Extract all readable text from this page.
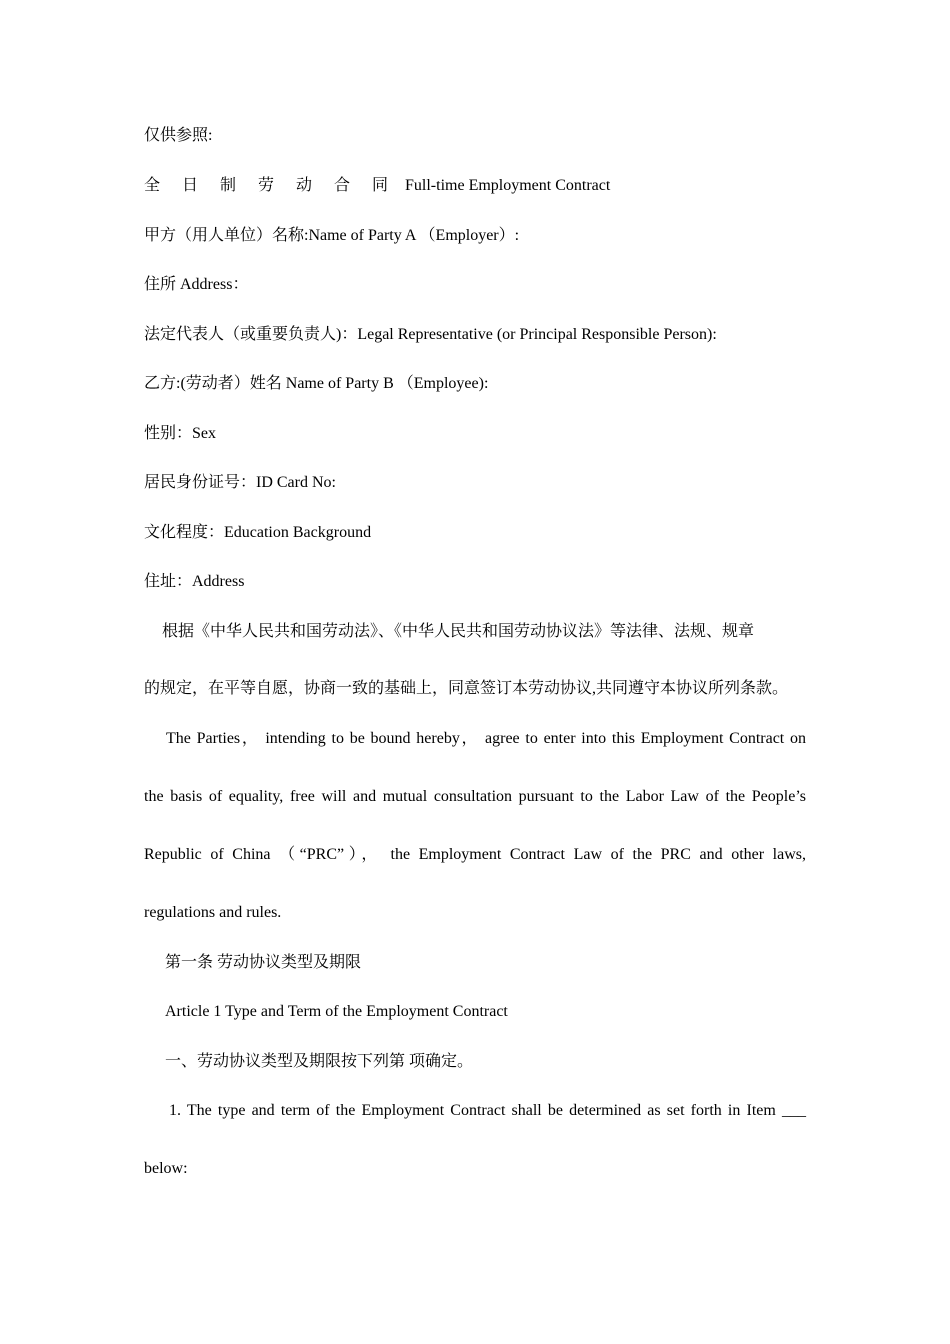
仅供参照:

全 日 制 劳 动 合 同 Full-time Employment Contract

甲方（用人单位）名称:Name of Party A （Employer）:

住所 Address：

法定代表人（或重要负责人)：Legal Representative (or Principal Responsible Person):

乙方:(劳动者）姓名 Name of Party B （Employee):

性别：Sex

居民身份证号：ID Card No:

文化程度：Education Background

住址：Address

根据《中华人民共和国劳动法》、《中华人民共和国劳动协议法》等法律、法规、规章

的规定，在平等自愿，协商一致的基础上，同意签订本劳动协议,共同遵守本协议所列条款。

The Parties， intending to be bound hereby， agree to enter into this Employment Contract on

the basis of equality, free will and mutual consultation pursuant to the Labor Law of the People’s

Republic of China （“PRC”）， the Employment Contract Law of the PRC and other laws,

regulations and rules.

第一条 劳动协议类型及期限

Article 1 Type and Term of the Employment Contract

一、劳动协议类型及期限按下列第 项确定。

1. The type and term of the Employment Contract shall be determined as set forth in Item ___

below:
